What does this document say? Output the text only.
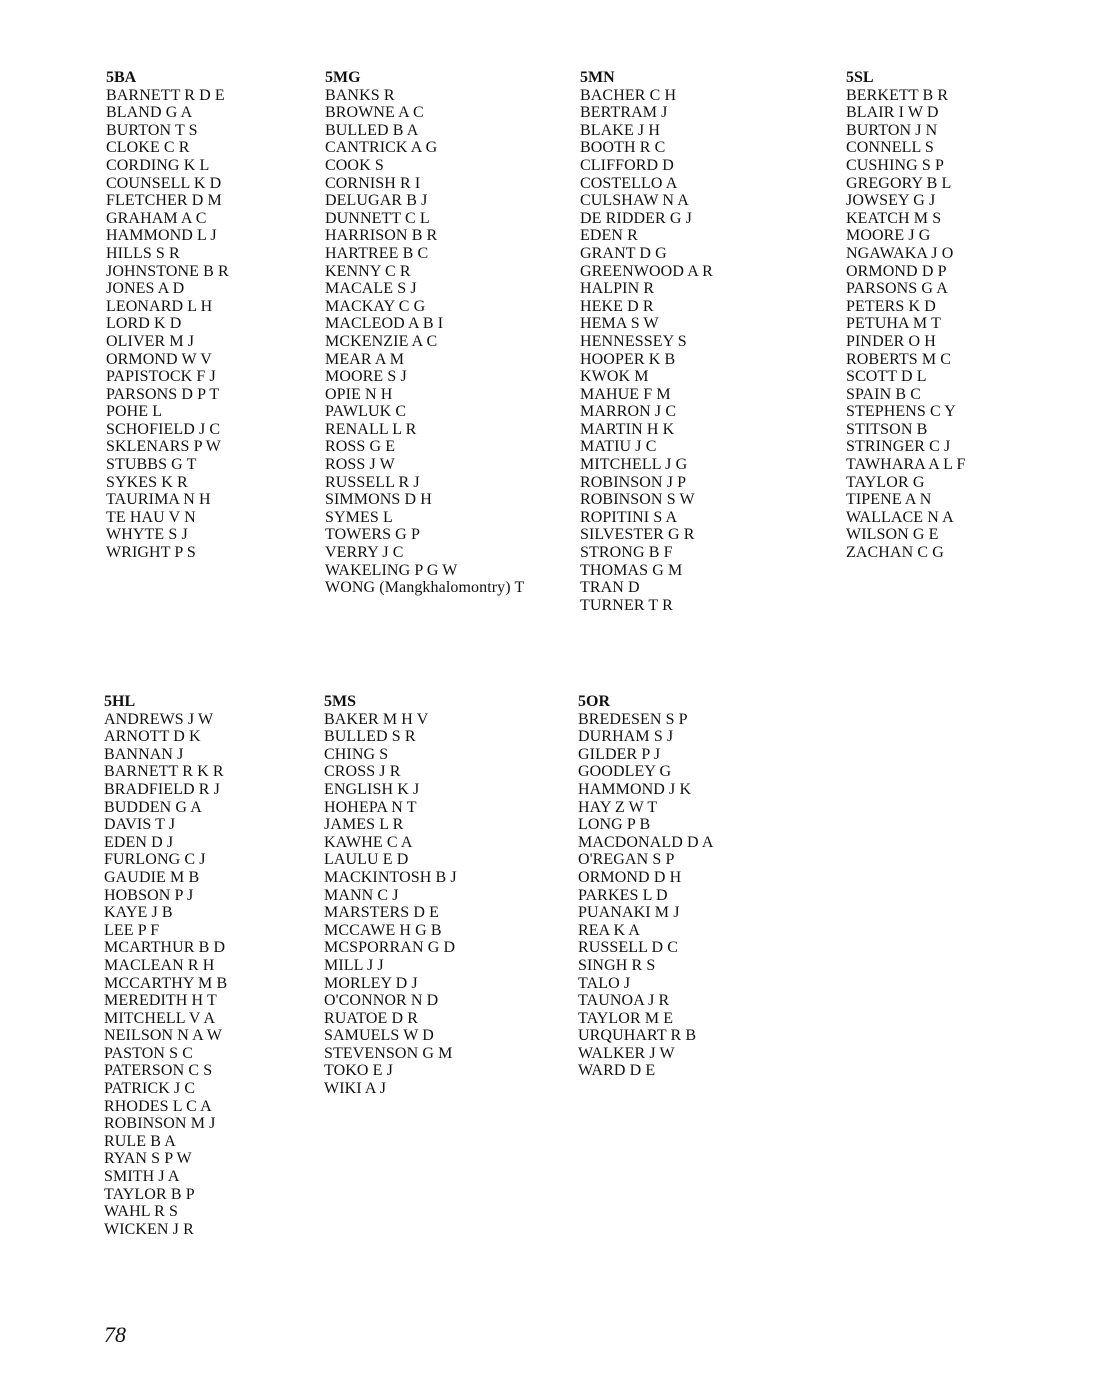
5BA
BARNETT R D E
BLAND G A
BURTON T S
CLOKE C R
CORDING K L
COUNSELL K D
FLETCHER D M
GRAHAM A C
HAMMOND L J
HILLS S R
JOHNSTONE B R
JONES A D
LEONARD L H
LORD K D
OLIVER M J
ORMOND W V
PAPISTOCK F J
PARSONS D P T
POHE L
SCHOFIELD J C
SKLENARS P W
STUBBS G T
SYKES K R
TAURIMA N H
TE HAU V N
WHYTE S J
WRIGHT P S
5MG
BANKS R
BROWNE A C
BULLED B A
CANTRICK A G
COOK S
CORNISH R I
DELUGAR B J
DUNNETT C L
HARRISON B R
HARTREE B C
KENNY C R
MACALE S J
MACKAY C G
MACLEOD A B I
MCKENZIE A C
MEAR A M
MOORE S J
OPIE N H
PAWLUK C
RENALL L R
ROSS G E
ROSS J W
RUSSELL R J
SIMMONS D H
SYMES L
TOWERS G P
VERRY J C
WAKELING P G W
WONG (Mangkhalomontry) T
5MN
BACHER C H
BERTRAM J
BLAKE J H
BOOTH R C
CLIFFORD D
COSTELLO A
CULSHAW N A
DE RIDDER G J
EDEN R
GRANT D G
GREENWOOD A R
HALPIN R
HEKE D R
HEMA S W
HENNESSEY S
HOOPER K B
KWOK M
MAHUE F M
MARRON J C
MARTIN H K
MATIU J C
MITCHELL J G
ROBINSON J P
ROBINSON S W
ROPITINI S A
SILVESTER G R
STRONG B F
THOMAS G M
TRAN D
TURNER T R
5SL
BERKETT B R
BLAIR I W D
BURTON J N
CONNELL S
CUSHING S P
GREGORY B L
JOWSEY G J
KEATCH M S
MOORE J G
NGAWAKA J O
ORMOND D P
PARSONS G A
PETERS K D
PETUHA M T
PINDER O H
ROBERTS M C
SCOTT D L
SPAIN B C
STEPHENS C Y
STITSON B
STRINGER C J
TAWHARA A L F
TAYLOR G
TIPENE A N
WALLACE N A
WILSON G E
ZACHAN C G
5HL
ANDREWS J W
ARNOTT D K
BANNAN J
BARNETT R K R
BRADFIELD R J
BUDDEN G A
DAVIS T J
EDEN D J
FURLONG C J
GAUDIE M B
HOBSON P J
KAYE J B
LEE P F
MCARTHUR B D
MACLEAN R H
MCCARTHY M B
MEREDITH H T
MITCHELL V A
NEILSON N A W
PASTON S C
PATERSON C S
PATRICK J C
RHODES L C A
ROBINSON M J
RULE B A
RYAN S P W
SMITH J A
TAYLOR B P
WAHL R S
WICKEN J R
5MS
BAKER M H V
BULLED S R
CHING S
CROSS J R
ENGLISH K J
HOHEPA N T
JAMES L R
KAWHE C A
LAULU E D
MACKINTOSH B J
MANN C J
MARSTERS D E
MCCAWE H G B
MCSPORRAN G D
MILL J J
MORLEY D J
O'CONNOR N D
RUATOE D R
SAMUELS W D
STEVENSON G M
TOKO E J
WIKI A J
5OR
BREDESEN S P
DURHAM S J
GILDER P J
GOODLEY G
HAMMOND J K
HAY Z W T
LONG P B
MACDONALD D A
O'REGAN S P
ORMOND D H
PARKES L D
PUANAKI M J
REA K A
RUSSELL D C
SINGH R S
TALO J
TAUNOA J R
TAYLOR M E
URQUHART R B
WALKER J W
WARD D E
78
